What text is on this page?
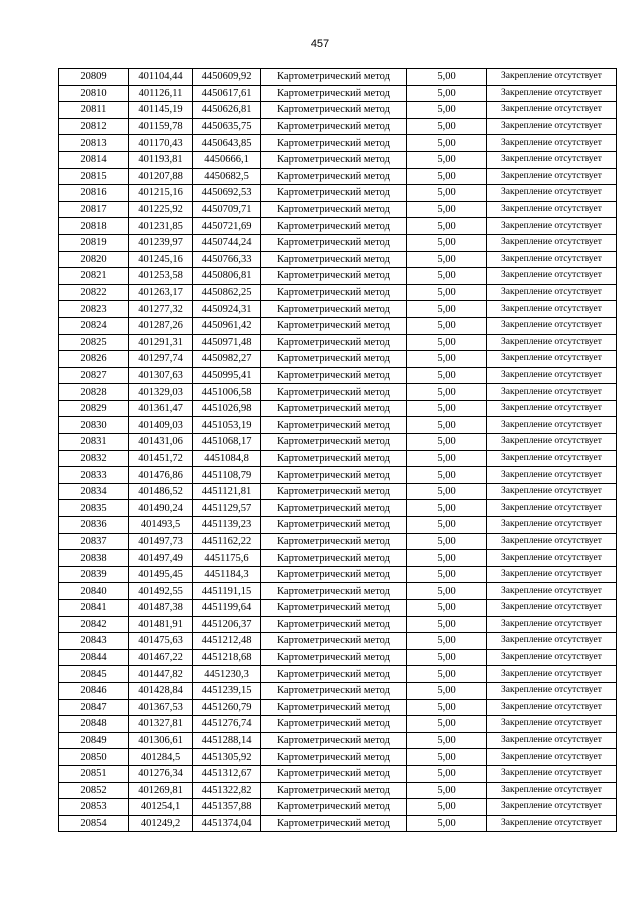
457
20809	401104,44	4450609,92	Картометрический метод	5,00	Закрепление отсутствует
20810	401126,11	4450617,61	Картометрический метод	5,00	Закрепление отсутствует
20811	401145,19	4450626,81	Картометрический метод	5,00	Закрепление отсутствует
20812	401159,78	4450635,75	Картометрический метод	5,00	Закрепление отсутствует
20813	401170,43	4450643,85	Картометрический метод	5,00	Закрепление отсутствует
20814	401193,81	4450666,1	Картометрический метод	5,00	Закрепление отсутствует
20815	401207,88	4450682,5	Картометрический метод	5,00	Закрепление отсутствует
20816	401215,16	4450692,53	Картометрический метод	5,00	Закрепление отсутствует
20817	401225,92	4450709,71	Картометрический метод	5,00	Закрепление отсутствует
20818	401231,85	4450721,69	Картометрический метод	5,00	Закрепление отсутствует
20819	401239,97	4450744,24	Картометрический метод	5,00	Закрепление отсутствует
20820	401245,16	4450766,33	Картометрический метод	5,00	Закрепление отсутствует
20821	401253,58	4450806,81	Картометрический метод	5,00	Закрепление отсутствует
20822	401263,17	4450862,25	Картометрический метод	5,00	Закрепление отсутствует
20823	401277,32	4450924,31	Картометрический метод	5,00	Закрепление отсутствует
20824	401287,26	4450961,42	Картометрический метод	5,00	Закрепление отсутствует
20825	401291,31	4450971,48	Картометрический метод	5,00	Закрепление отсутствует
20826	401297,74	4450982,27	Картометрический метод	5,00	Закрепление отсутствует
20827	401307,63	4450995,41	Картометрический метод	5,00	Закрепление отсутствует
20828	401329,03	4451006,58	Картометрический метод	5,00	Закрепление отсутствует
20829	401361,47	4451026,98	Картометрический метод	5,00	Закрепление отсутствует
20830	401409,03	4451053,19	Картометрический метод	5,00	Закрепление отсутствует
20831	401431,06	4451068,17	Картометрический метод	5,00	Закрепление отсутствует
20832	401451,72	4451084,8	Картометрический метод	5,00	Закрепление отсутствует
20833	401476,86	4451108,79	Картометрический метод	5,00	Закрепление отсутствует
20834	401486,52	4451121,81	Картометрический метод	5,00	Закрепление отсутствует
20835	401490,24	4451129,57	Картометрический метод	5,00	Закрепление отсутствует
20836	401493,5	4451139,23	Картометрический метод	5,00	Закрепление отсутствует
20837	401497,73	4451162,22	Картометрический метод	5,00	Закрепление отсутствует
20838	401497,49	4451175,6	Картометрический метод	5,00	Закрепление отсутствует
20839	401495,45	4451184,3	Картометрический метод	5,00	Закрепление отсутствует
20840	401492,55	4451191,15	Картометрический метод	5,00	Закрепление отсутствует
20841	401487,38	4451199,64	Картометрический метод	5,00	Закрепление отсутствует
20842	401481,91	4451206,37	Картометрический метод	5,00	Закрепление отсутствует
20843	401475,63	4451212,48	Картометрический метод	5,00	Закрепление отсутствует
20844	401467,22	4451218,68	Картометрический метод	5,00	Закрепление отсутствует
20845	401447,82	4451230,3	Картометрический метод	5,00	Закрепление отсутствует
20846	401428,84	4451239,15	Картометрический метод	5,00	Закрепление отсутствует
20847	401367,53	4451260,79	Картометрический метод	5,00	Закрепление отсутствует
20848	401327,81	4451276,74	Картометрический метод	5,00	Закрепление отсутствует
20849	401306,61	4451288,14	Картометрический метод	5,00	Закрепление отсутствует
20850	401284,5	4451305,92	Картометрический метод	5,00	Закрепление отсутствует
20851	401276,34	4451312,67	Картометрический метод	5,00	Закрепление отсутствует
20852	401269,81	4451322,82	Картометрический метод	5,00	Закрепление отсутствует
20853	401254,1	4451357,88	Картометрический метод	5,00	Закрепление отсутствует
20854	401249,2	4451374,04	Картометрический метод	5,00	Закрепление отсутствует
